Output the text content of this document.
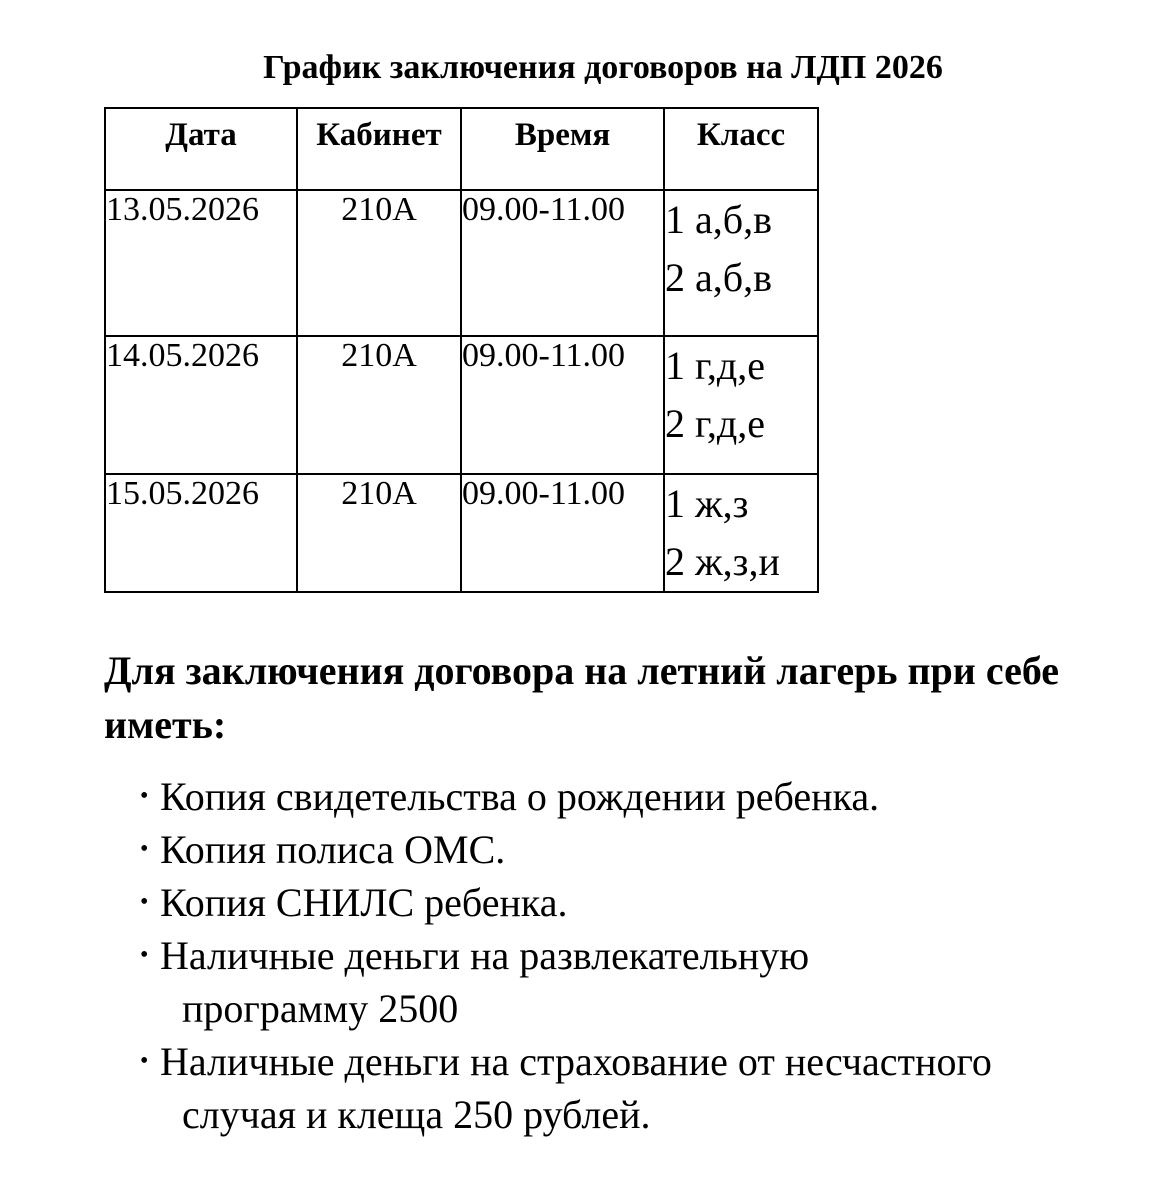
График заключения договоров на ЛДП 2026
Дата	Кабинет	Время	Класс
13.05.2026	210А	09.00-11.00	1 а,б,в
2 а,б,в

14.05.2026	210А	09.00-11.00	1 г,д,е
2 г,д,е

15.05.2026	210А	09.00-11.00	1 ж,з
2 ж,з,и
Для заключения договора на летний лагерь при себе иметь:
• Копия свидетельства о рождении ребенка.
• Копия полиса ОМС.
• Копия СНИЛС ребенка.
• Наличные деньги на развлекательную
программу 2500
• Наличные деньги на страхование от несчастного
случая и клеща 250 рублей.
